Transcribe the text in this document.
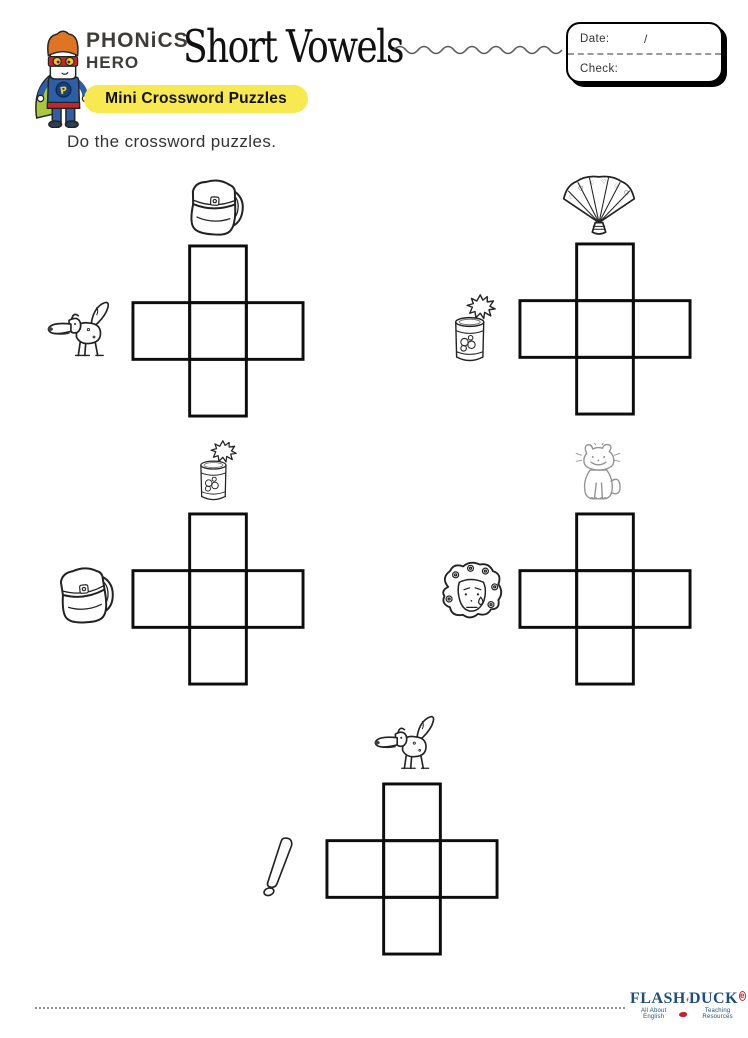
PHONiCS
HERO Short Vowels	Date:	/
Check:
Mini Crossword Puzzles
Do the crossword puzzles.
FLASH DUCK e
All About English
Teaching Resources
